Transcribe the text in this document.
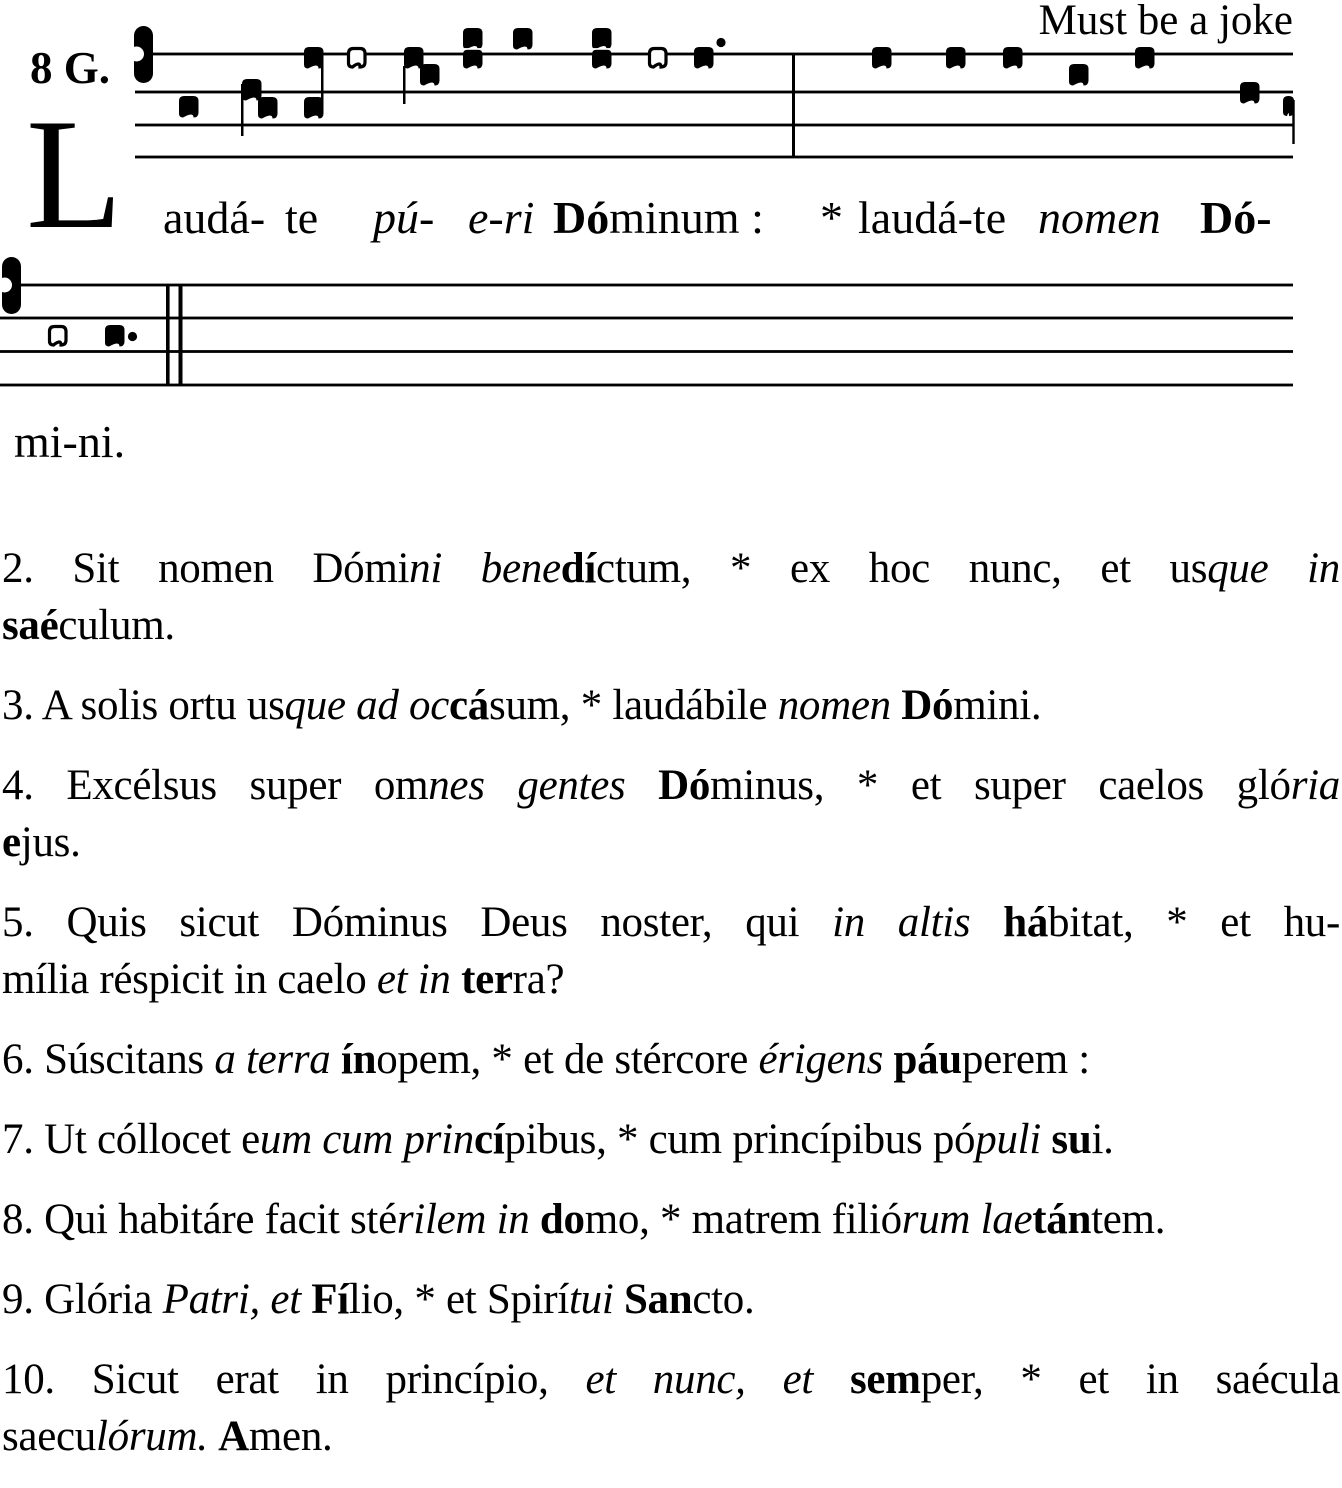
8 G.
Must be a joke
L audá- te pú- e-ri Dóminum : * laudá-te nomen Dó-
mi-ni.
2. Sit nomen Dómini benedíctum, * ex hoc nunc, et usque in
saéculum.
3. A solis ortu usque ad occásum, * laudábile nomen Dómini.
4. Excélsus super omnes gentes Dóminus, * et super caelos glória
ejus.
5. Quis sicut Dóminus Deus noster, qui in altis hábitat, * et hu-
mília réspicit in caelo et in terra?
6. Súscitans a terra ínopem, * et de stércore érigens páuperem :
7. Ut cóllocet eum cum princípibus, * cum princípibus pópuli sui.
8. Qui habitáre facit stérilem in domo, * matrem filiórum laetántem.
9. Glória Patri, et Fílio, * et Spirítui Sancto.
10. Sicut erat in princípio, et nunc, et semper, * et in saécula
saeculórum. Amen.
